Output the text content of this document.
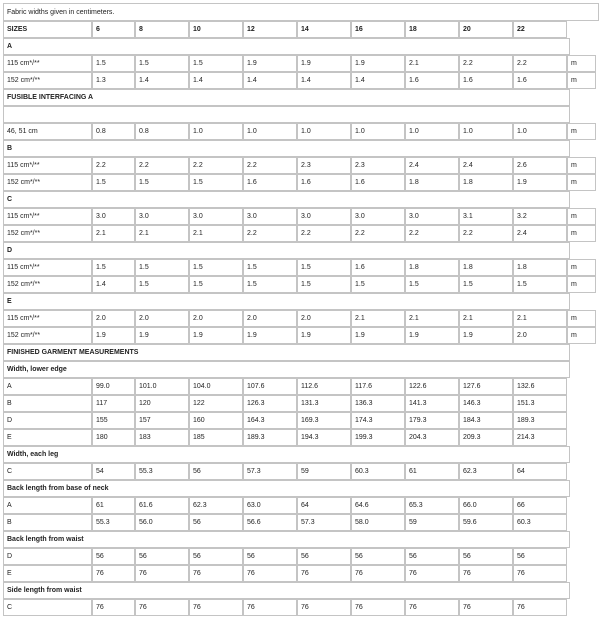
Fabric widths given in centimeters.
SIZES	6	8	10	12	14	16	18	20	22
A
115 cm*/**	1.5	1.5	1.5	1.9	1.9	1.9	2.1	2.2	2.2	m
152 cm*/**	1.3	1.4	1.4	1.4	1.4	1.4	1.6	1.6	1.6	m
FUSIBLE INTERFACING A
46, 51 cm	0.8	0.8	1.0	1.0	1.0	1.0	1.0	1.0	1.0	m
B
115 cm*/**	2.2	2.2	2.2	2.2	2.3	2.3	2.4	2.4	2.6	m
152 cm*/**	1.5	1.5	1.5	1.6	1.6	1.6	1.8	1.8	1.9	m
C
115 cm*/**	3.0	3.0	3.0	3.0	3.0	3.0	3.0	3.1	3.2	m
152 cm*/**	2.1	2.1	2.1	2.2	2.2	2.2	2.2	2.2	2.4	m
D
115 cm*/**	1.5	1.5	1.5	1.5	1.5	1.6	1.8	1.8	1.8	m
152 cm*/**	1.4	1.5	1.5	1.5	1.5	1.5	1.5	1.5	1.5	m
E
115 cm*/**	2.0	2.0	2.0	2.0	2.0	2.1	2.1	2.1	2.1	m
152 cm*/**	1.9	1.9	1.9	1.9	1.9	1.9	1.9	1.9	2.0	m
FINISHED GARMENT MEASUREMENTS
Width, lower edge
A	99.0	101.0	104.0	107.6	112.6	117.6	122.6	127.6	132.6
B	117	120	122	126.3	131.3	136.3	141.3	146.3	151.3
D	155	157	160	164.3	169.3	174.3	179.3	184.3	189.3
E	180	183	185	189.3	194.3	199.3	204.3	209.3	214.3
Width, each leg
C	54	55.3	56	57.3	59	60.3	61	62.3	64
Back length from base of neck
A	61	61.6	62.3	63.0	64	64.6	65.3	66.0	66
B	55.3	56.0	56	56.6	57.3	58.0	59	59.6	60.3
Back length from waist
D	56	56	56	56	56	56	56	56	56
E	76	76	76	76	76	76	76	76	76
Side length from waist
C	76	76	76	76	76	76	76	76	76
